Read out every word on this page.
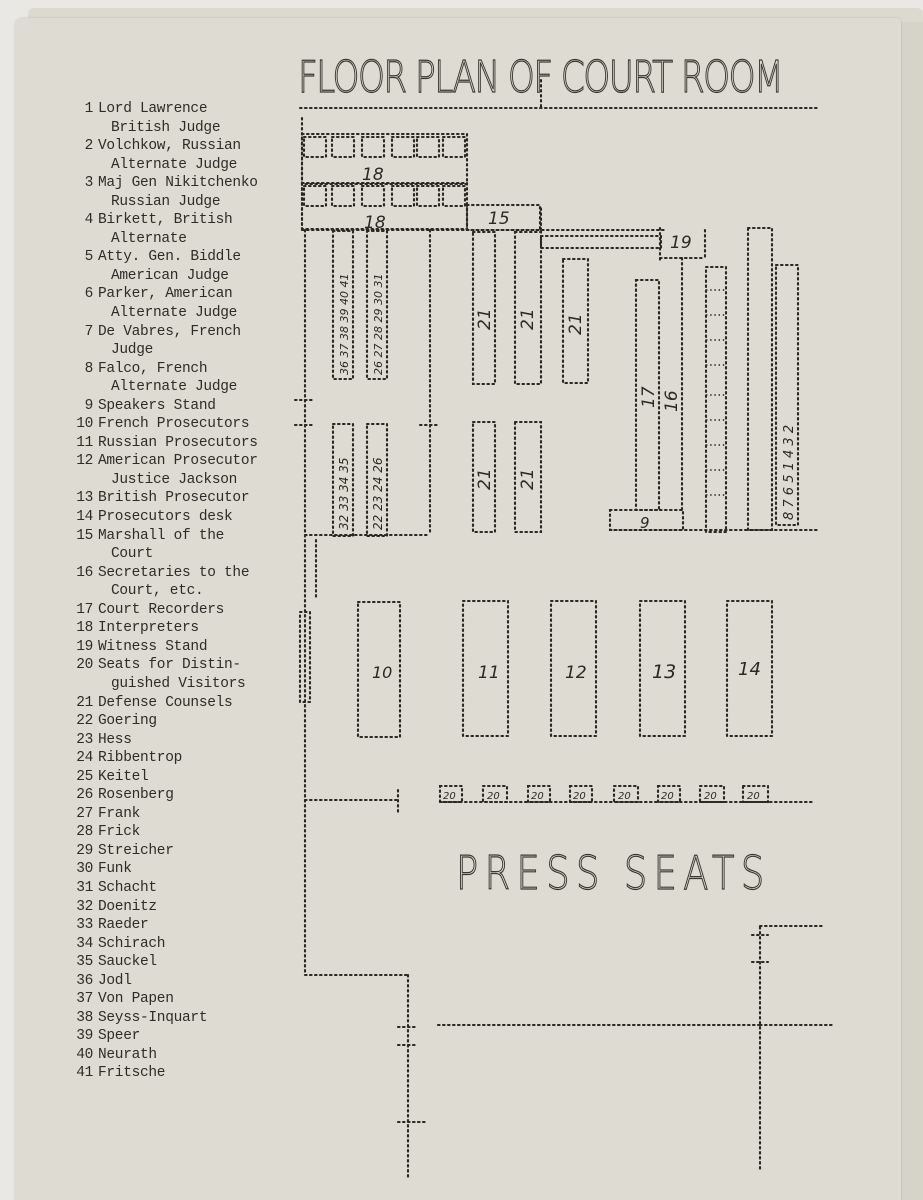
1 Lord Lawrence
British Judge
2 Volchkow, Russian
Alternate Judge
3 Maj Gen Nikitchenko
Russian Judge
4 Birkett, British
Alternate
5 Atty. Gen. Biddle
American Judge
6 Parker, American
Alternate Judge
7 De Vabres, French
Judge
8 Falco, French
Alternate Judge
9 Speakers Stand
10 French Prosecutors
11 Russian Prosecutors
12 American Prosecutor
Justice Jackson
13 British Prosecutor
14 Prosecutors desk
15 Marshall of the
Court
16 Secretaries to the
Court, etc.
17 Court Recorders
18 Interpreters
19 Witness Stand
20 Seats for Distin-
guished Visitors
21 Defense Counsels
22 Goering
23 Hess
24 Ribbentrop
25 Keitel
26 Rosenberg
27 Frank
28 Frick
29 Streicher
30 Funk
31 Schacht
32 Doenitz
33 Raeder
34 Schirach
35 Sauckel
36 Jodl
37 Von Papen
38 Seyss-Inquart
39 Speer
40 Neurath
41 Fritsche
FLOOR PLAN OF COURT ROOM
PRESS SEATS
18
18	15
19
10	11	12	13	14
9
21 21 21
21 21
17 16
36 37 38 39 40 41 26 27 28 29 30 31
32 33 34 35 22 23 24 26	8 7 6 5 1 4 3 2
20	20	20	20	20	20	20	20
